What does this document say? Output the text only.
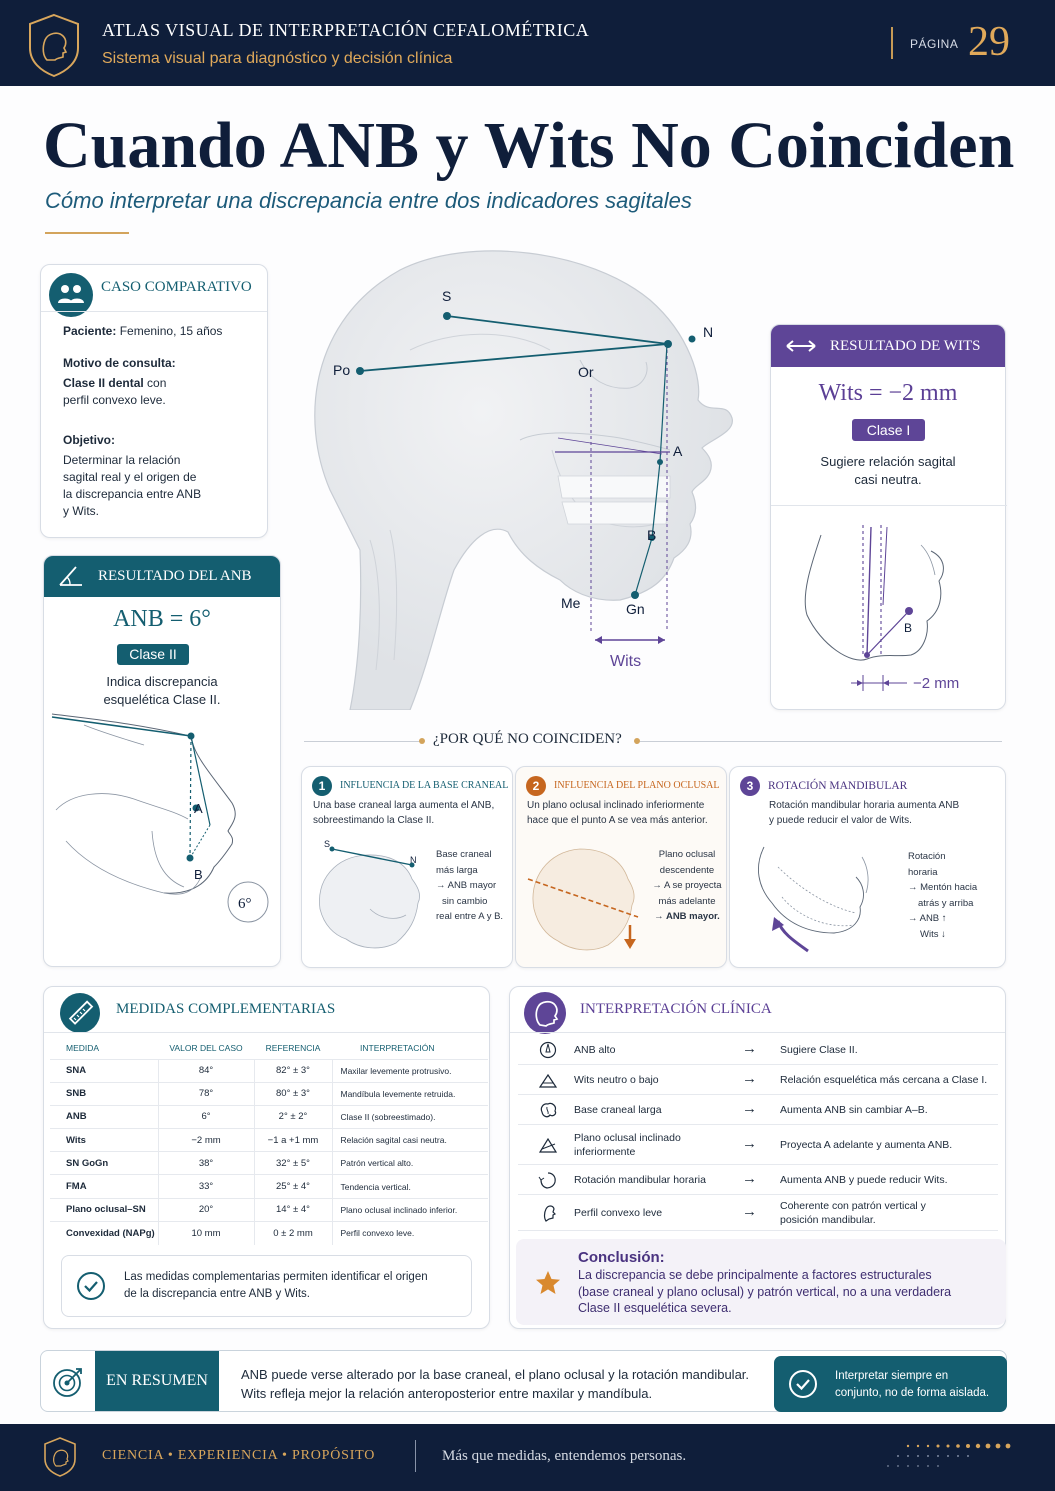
ATLAS VISUAL DE INTERPRETACIÓN CEFALOMÉTRICA
Sistema visual para diagnóstico y decisión clínica
PÁGINA 29
Cuando ANB y Wits No Coinciden
Cómo interpretar una discrepancia entre dos indicadores sagitales
CASO COMPARATIVO
Paciente: Femenino, 15 años
Motivo de consulta:
Clase II dental con
perfil convexo leve.
Objetivo:
Determinar la relación
sagital real y el origen de
la discrepancia entre ANB
y Wits.
RESULTADO DEL ANB
ANB = 6°
Clase II
Indica discrepancia
esquelética Clase II.
A
B
6°
S
N
Po	Or
A
B
Me	Gn
Wits
RESULTADO DE WITS
Wits = −2 mm
Clase I
Sugiere relación sagital
casi neutra.
B
−2 mm
¿POR QUÉ NO COINCIDEN?
1	INFLUENCIA DE LA BASE CRANEAL
Una base craneal larga aumenta el ANB,
sobreestimando la Clase II.
S
N Base craneal
más larga
→ ANB mayor
sin cambio
real entre A y B.
2	INFLUENCIA DEL PLANO OCLUSAL
Un plano oclusal inclinado inferiormente
hace que el punto A se vea más anterior.
Plano oclusal
descendente
→ A se proyecta
más adelante
→ ANB mayor.
3	ROTACIÓN MANDIBULAR
Rotación mandibular horaria aumenta ANB
y puede reducir el valor de Wits.
Rotación
horaria
→ Mentón hacia
atrás y arriba
→ ANB ↑
Wits ↓
MEDIDAS COMPLEMENTARIAS
MEDIDA	VALOR DEL CASO	REFERENCIA	INTERPRETACIÓN
SNA	84°	82° ± 3°	Maxilar levemente protrusivo.
SNB	78°	80° ± 3°	Mandíbula levemente retruida.
ANB	6°	2° ± 2°	Clase II (sobreestimado).
Wits	−2 mm	−1 a +1 mm	Relación sagital casi neutra.
SN GoGn	38°	32° ± 5°	Patrón vertical alto.
FMA	33°	25° ± 4°	Tendencia vertical.
Plano oclusal–SN	20°	14° ± 4°	Plano oclusal inclinado inferior.
Convexidad (NAPg)	10 mm	0 ± 2 mm	Perfil convexo leve.
Las medidas complementarias permiten identificar el origen
de la discrepancia entre ANB y Wits.
INTERPRETACIÓN CLÍNICA
ANB alto	→ Sugiere Clase II.
Wits neutro o bajo	→ Relación esquelética más cercana a Clase I.
Base craneal larga	→ Aumenta ANB sin cambiar A–B.
Plano oclusal inclinado
inferiormente	→ Proyecta A adelante y aumenta ANB.
Rotación mandibular horaria	→ Aumenta ANB y puede reducir Wits.
Perfil convexo leve	→ Coherente con patrón vertical y
posición mandibular.
Conclusión:
La discrepancia se debe principalmente a factores estructurales
(base craneal y plano oclusal) y patrón vertical, no a una verdadera
Clase II esquelética severa.
EN RESUMEN	ANB puede verse alterado por la base craneal, el plano oclusal y la rotación mandibular.
Wits refleja mejor la relación anteroposterior entre maxilar y mandíbula.
Interpretar siempre en
conjunto, no de forma aislada.
CIENCIA • EXPERIENCIA • PROPÓSITO	Más que medidas, entendemos personas.
